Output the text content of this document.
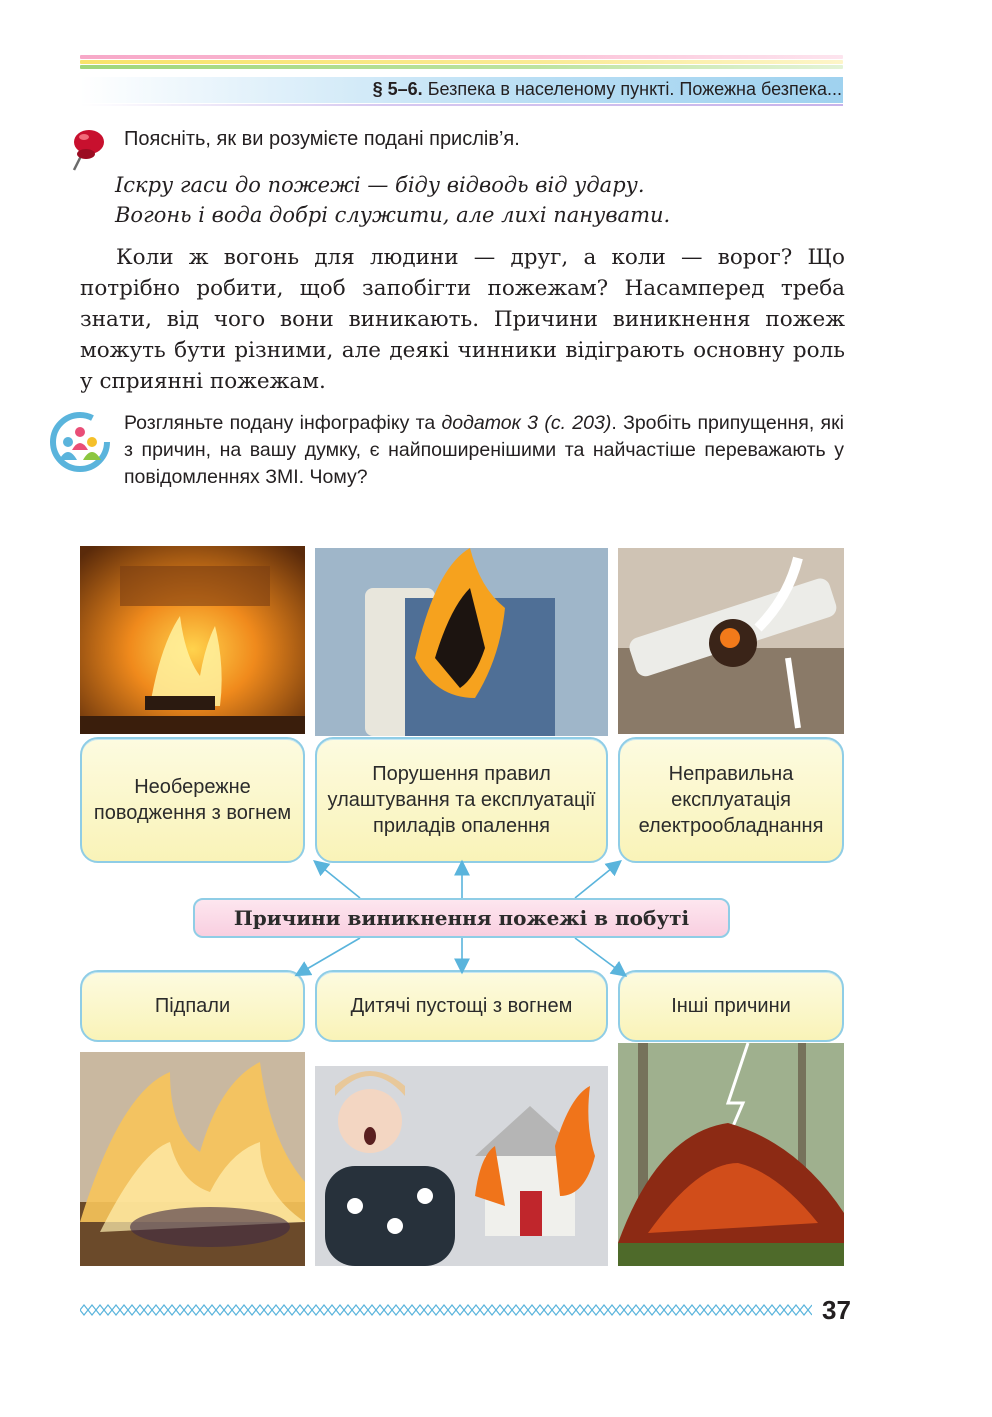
§ 5–6. Безпека в населеному пункті. Пожежна безпека...
Поясніть, як ви розумієте подані прислів’я.
Іскру гаси до пожежі — біду відводь від удару.
Вогонь і вода добрі служити, але лихі панувати.

Коли ж вогонь для людини — друг, а коли — ворог? Що потрібно робити, щоб запобігти пожежам? Насамперед треба знати, від чого вони виникають. Причини виникнення пожеж можуть бути різними, але деякі чинники відіграють основну роль у сприянні пожежам.

Розгляньте подану інфографіку та додаток 3 (с. 203). Зробіть припущення, які з причин, на вашу думку, є найпоширенішими та найчастіше переважають у повідомленнях ЗМІ. Чому?

Необережне поводження з вогнем
Порушення правил улаштування та експлуатації приладів опалення
Неправильна експлуатація електрообладнання
Підпали	Дитячі пустощі з вогнем	Інші причини
Причини виникнення пожежі в побуті
37
